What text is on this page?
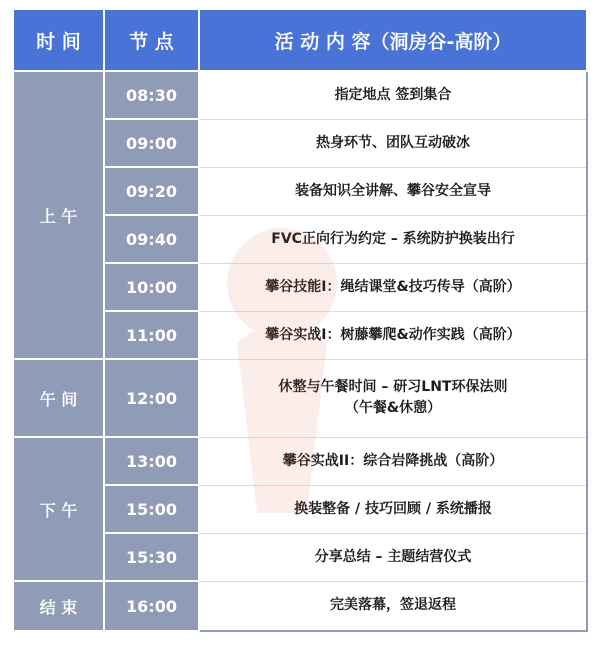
时 间	节 点	活 动 内 容（洞房谷-高阶）
上 午	08:30	指定地点 签到集合
	09:00	热身环节、团队互动破冰
	09:20	装备知识全讲解、攀谷安全宣导
	09:40	FVC正向行为约定 – 系统防护换装出行
	10:00	攀谷技能I：绳结课堂&技巧传导（高阶）
	11:00	攀谷实战I：树藤攀爬&动作实践（高阶）
午 间	12:00	休整与午餐时间 – 研习LNT环保法则
（午餐&休憩）

下 午	13:00	攀谷实战II：综合岩降挑战（高阶）
	15:00	换装整备 / 技巧回顾 / 系统播报
	15:30	分享总结 – 主题结营仪式
结 束	16:00	完美落幕，签退返程
